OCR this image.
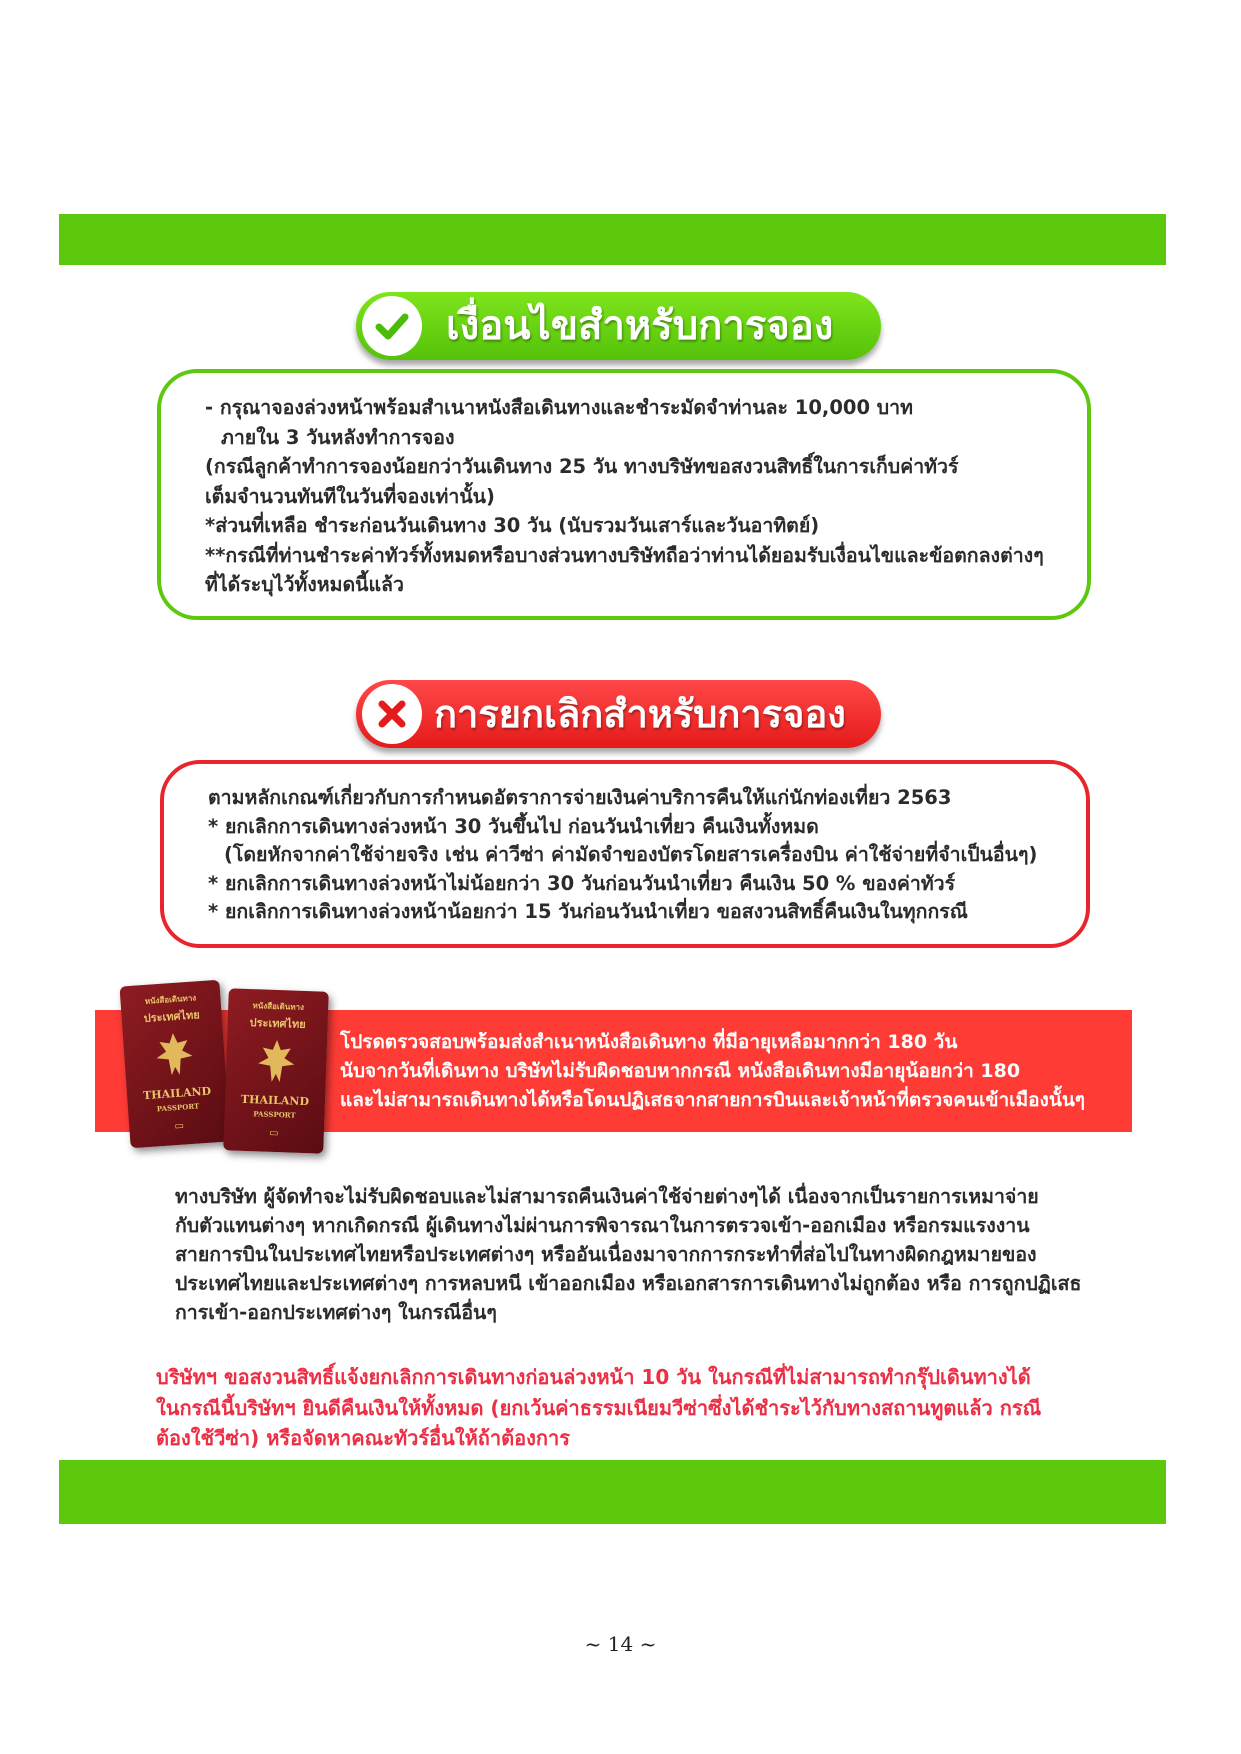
เงื่อนไขสำหรับการจอง

- กรุณาจองล่วงหน้าพร้อมสำเนาหนังสือเดินทางและชำระมัดจำท่านละ 10,000 บาท

ภายใน 3 วันหลังทำการจอง

(กรณีลูกค้าทำการจองน้อยกว่าวันเดินทาง 25 วัน ทางบริษัทขอสงวนสิทธิ์ในการเก็บค่าทัวร์

เต็มจำนวนทันทีในวันที่จองเท่านั้น)

*ส่วนที่เหลือ ชำระก่อนวันเดินทาง 30 วัน (นับรวมวันเสาร์และวันอาทิตย์)

**กรณีที่ท่านชำระค่าทัวร์ทั้งหมดหรือบางส่วนทางบริษัทถือว่าท่านได้ยอมรับเงื่อนไขและข้อตกลงต่างๆ

ที่ได้ระบุไว้ทั้งหมดนี้แล้ว

การยกเลิกสำหรับการจอง

ตามหลักเกณฑ์เกี่ยวกับการกำหนดอัตราการจ่ายเงินค่าบริการคืนให้แก่นักท่องเที่ยว 2563

* ยกเลิกการเดินทางล่วงหน้า 30 วันขึ้นไป ก่อนวันนำเที่ยว คืนเงินทั้งหมด

(โดยหักจากค่าใช้จ่ายจริง เช่น ค่าวีซ่า ค่ามัดจำของบัตรโดยสารเครื่องบิน ค่าใช้จ่ายที่จำเป็นอื่นๆ)

* ยกเลิกการเดินทางล่วงหน้าไม่น้อยกว่า 30 วันก่อนวันนำเที่ยว คืนเงิน 50 % ของค่าทัวร์

* ยกเลิกการเดินทางล่วงหน้าน้อยกว่า 15 วันก่อนวันนำเที่ยว ขอสงวนสิทธิ์คืนเงินในทุกกรณี

โปรดตรวจสอบพร้อมส่งสำเนาหนังสือเดินทาง ที่มีอายุเหลือมากกว่า 180 วัน

นับจากวันที่เดินทาง บริษัทไม่รับผิดชอบหากกรณี หนังสือเดินทางมีอายุน้อยกว่า 180

และไม่สามารถเดินทางได้หรือโดนปฏิเสธจากสายการบินและเจ้าหน้าที่ตรวจคนเข้าเมืองนั้นๆ

หนังสือเดินทาง
ประเทศไทย
THAILAND
PASSPORT
▭
หนังสือเดินทาง
ประเทศไทย
THAILAND
PASSPORT
▭

ทางบริษัท ผู้จัดทำจะไม่รับผิดชอบและไม่สามารถคืนเงินค่าใช้จ่ายต่างๆได้ เนื่องจากเป็นรายการเหมาจ่าย

กับตัวแทนต่างๆ หากเกิดกรณี ผู้เดินทางไม่ผ่านการพิจารณาในการตรวจเข้า-ออกเมือง หรือกรมแรงงาน

สายการบินในประเทศไทยหรือประเทศต่างๆ หรืออันเนื่องมาจากการกระทำที่ส่อไปในทางผิดกฎหมายของ

ประเทศไทยและประเทศต่างๆ การหลบหนี เข้าออกเมือง หรือเอกสารการเดินทางไม่ถูกต้อง หรือ การถูกปฏิเสธ

การเข้า-ออกประเทศต่างๆ ในกรณีอื่นๆ

บริษัทฯ ขอสงวนสิทธิ์แจ้งยกเลิกการเดินทางก่อนล่วงหน้า 10 วัน ในกรณีที่ไม่สามารถทำกรุ๊ปเดินทางได้

ในกรณีนี้บริษัทฯ ยินดีคืนเงินให้ทั้งหมด (ยกเว้นค่าธรรมเนียมวีซ่าซึ่งได้ชำระไว้กับทางสถานทูตแล้ว กรณี

ต้องใช้วีซ่า) หรือจัดหาคณะทัวร์อื่นให้ถ้าต้องการ

~ 14 ~
